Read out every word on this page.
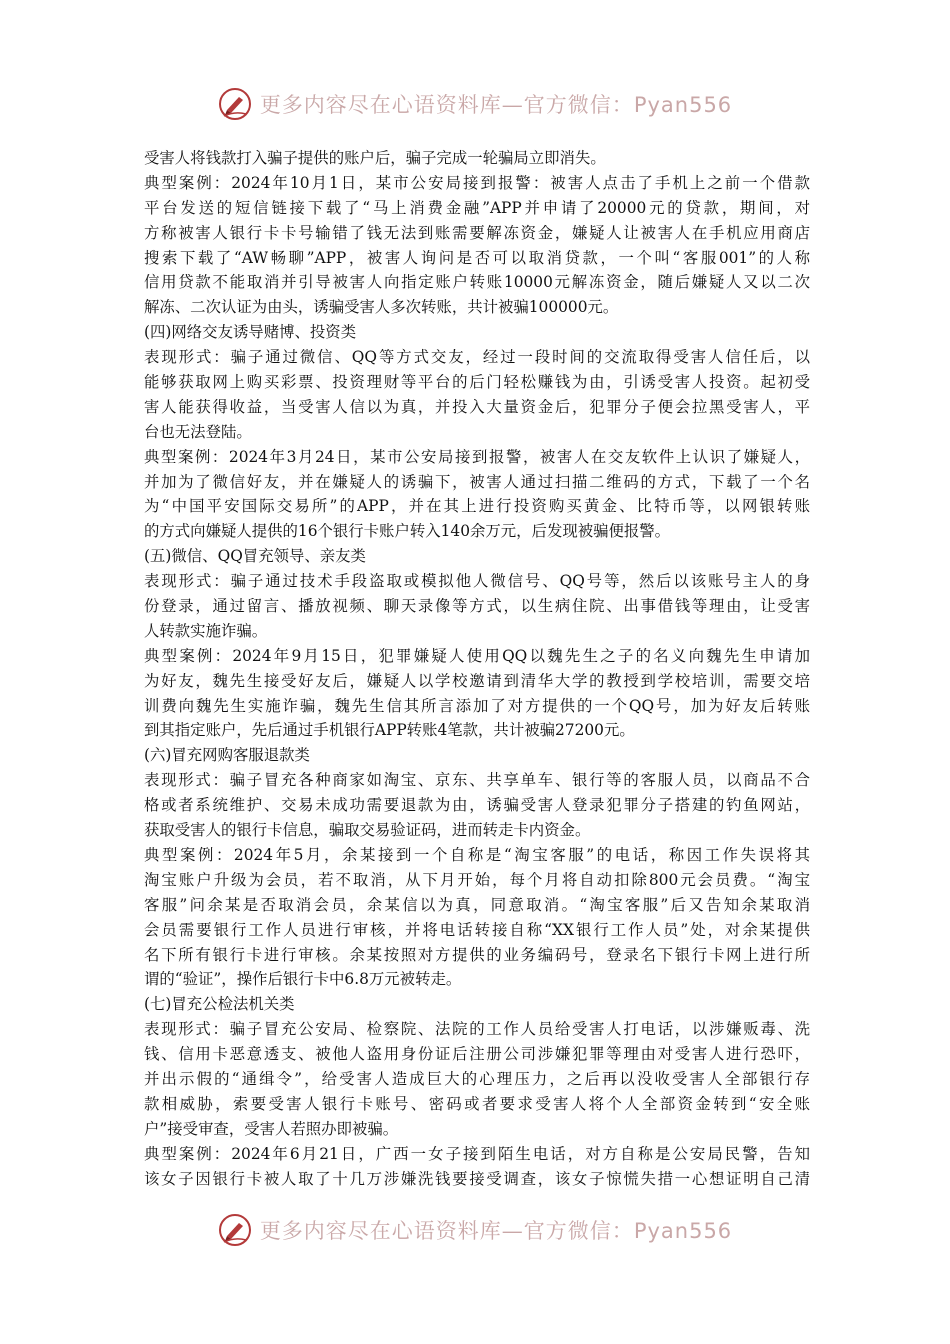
更多内容尽在心语资料库—官方微信：Pyan556
受害人将钱款打入骗子提供的账户后，骗子完成一轮骗局立即消失。
典型案例：2024年10月1日，某市公安局接到报警：被害人点击了手机上之前一个借款
平台发送的短信链接下载了“马上消费金融”APP并申请了20000元的贷款，期间，对
方称被害人银行卡卡号输错了钱无法到账需要解冻资金，嫌疑人让被害人在手机应用商店
搜索下载了“AW畅聊”APP，被害人询问是否可以取消贷款，一个叫“客服001”的人称
信用贷款不能取消并引导被害人向指定账户转账10000元解冻资金，随后嫌疑人又以二次
解冻、二次认证为由头，诱骗受害人多次转账，共计被骗100000元。
(四)网络交友诱导赌博、投资类
表现形式：骗子通过微信、QQ等方式交友，经过一段时间的交流取得受害人信任后，以
能够获取网上购买彩票、投资理财等平台的后门轻松赚钱为由，引诱受害人投资。起初受
害人能获得收益，当受害人信以为真，并投入大量资金后，犯罪分子便会拉黑受害人，平
台也无法登陆。
典型案例：2024年3月24日，某市公安局接到报警，被害人在交友软件上认识了嫌疑人，
并加为了微信好友，并在嫌疑人的诱骗下，被害人通过扫描二维码的方式，下载了一个名
为“中国平安国际交易所”的APP，并在其上进行投资购买黄金、比特币等，以网银转账
的方式向嫌疑人提供的16个银行卡账户转入140余万元，后发现被骗便报警。
(五)微信、QQ冒充领导、亲友类
表现形式：骗子通过技术手段盗取或模拟他人微信号、QQ号等，然后以该账号主人的身
份登录，通过留言、播放视频、聊天录像等方式，以生病住院、出事借钱等理由，让受害
人转款实施诈骗。
典型案例：2024年9月15日，犯罪嫌疑人使用QQ以魏先生之子的名义向魏先生申请加
为好友，魏先生接受好友后，嫌疑人以学校邀请到清华大学的教授到学校培训，需要交培
训费向魏先生实施诈骗，魏先生信其所言添加了对方提供的一个QQ号，加为好友后转账
到其指定账户，先后通过手机银行APP转账4笔款，共计被骗27200元。
(六)冒充网购客服退款类
表现形式：骗子冒充各种商家如淘宝、京东、共享单车、银行等的客服人员，以商品不合
格或者系统维护、交易未成功需要退款为由，诱骗受害人登录犯罪分子搭建的钓鱼网站，
获取受害人的银行卡信息，骗取交易验证码，进而转走卡内资金。
典型案例：2024年5月，余某接到一个自称是“淘宝客服”的电话，称因工作失误将其
淘宝账户升级为会员，若不取消，从下月开始，每个月将自动扣除800元会员费。“淘宝
客服”问余某是否取消会员，余某信以为真，同意取消。“淘宝客服”后又告知余某取消
会员需要银行工作人员进行审核，并将电话转接自称“XX银行工作人员”处，对余某提供
名下所有银行卡进行审核。余某按照对方提供的业务编码号，登录名下银行卡网上进行所
谓的“验证”，操作后银行卡中6.8万元被转走。
(七)冒充公检法机关类
表现形式：骗子冒充公安局、检察院、法院的工作人员给受害人打电话，以涉嫌贩毒、洗
钱、信用卡恶意透支、被他人盗用身份证后注册公司涉嫌犯罪等理由对受害人进行恐吓，
并出示假的“通缉令”，给受害人造成巨大的心理压力，之后再以没收受害人全部银行存
款相威胁，索要受害人银行卡账号、密码或者要求受害人将个人全部资金转到“安全账
户”接受审查，受害人若照办即被骗。
典型案例：2024年6月21日，广西一女子接到陌生电话，对方自称是公安局民警，告知
该女子因银行卡被人取了十几万涉嫌洗钱要接受调查，该女子惊慌失措一心想证明自己清
更多内容尽在心语资料库—官方微信：Pyan556
